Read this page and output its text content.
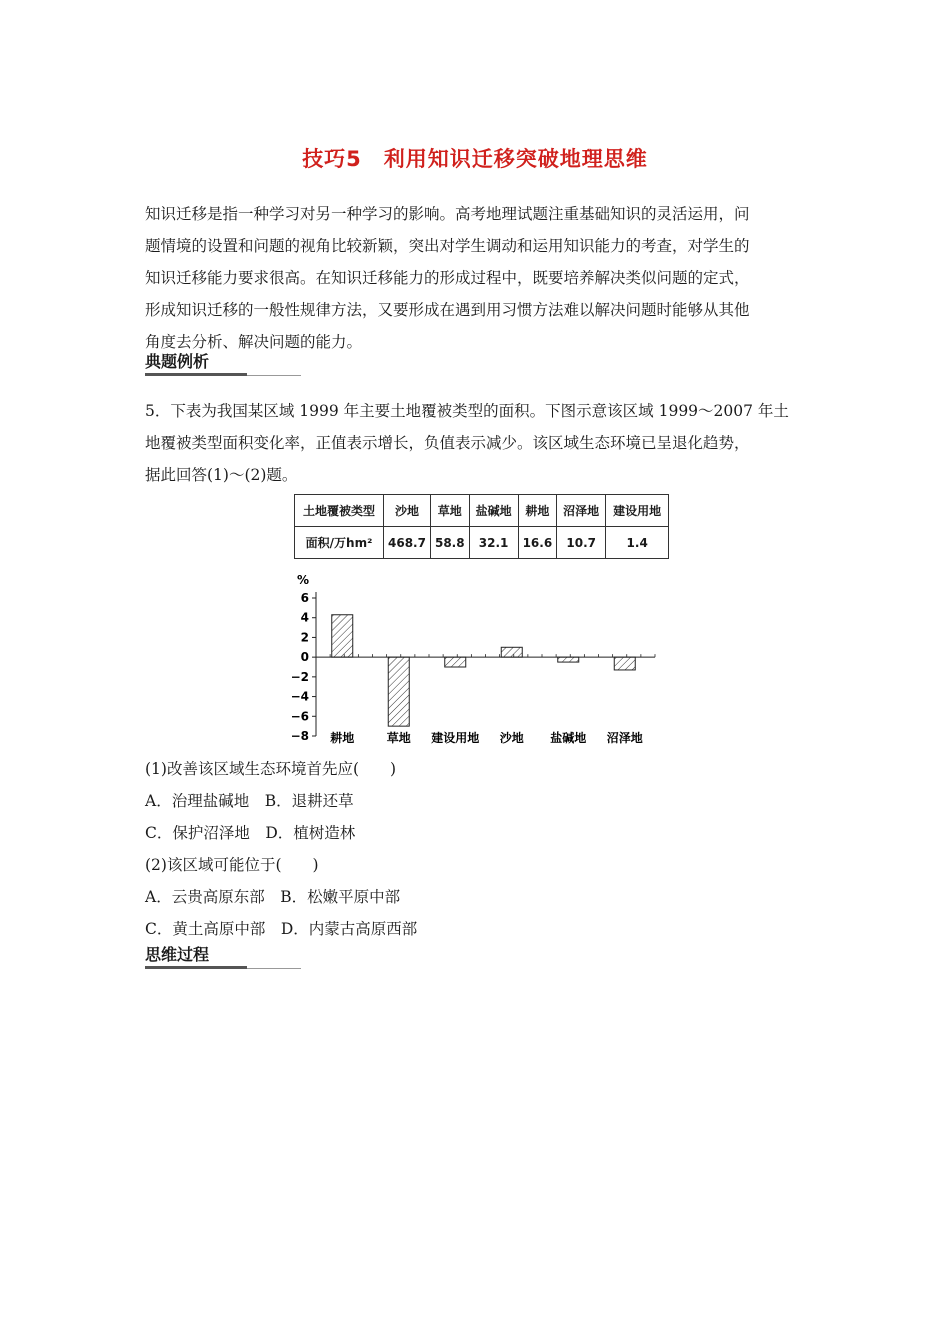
技巧5　利用知识迁移突破地理思维
知识迁移是指一种学习对另一种学习的影响。高考地理试题注重基础知识的灵活运用，问
题情境的设置和问题的视角比较新颖，突出对学生调动和运用知识能力的考查，对学生的
知识迁移能力要求很高。在知识迁移能力的形成过程中，既要培养解决类似问题的定式，
形成知识迁移的一般性规律方法，又要形成在遇到用习惯方法难以解决问题时能够从其他
角度去分析、解决问题的能力。
典题例析
5．下表为我国某区域 1999 年主要土地覆被类型的面积。下图示意该区域 1999～2007 年土
地覆被类型面积变化率，正值表示增长，负值表示减少。该区域生态环境已呈退化趋势，
据此回答(1)～(2)题。
土地覆被类型	沙地	草地	盐碱地	耕地	沼泽地	建设用地
面积/万hm²	468.7	58.8	32.1	16.6	10.7	1.4
%
6
4
2
0
−2
−4
−6
−8 耕地	草地 建设用地 沙地 盐碱地 沼泽地
(1)改善该区域生态环境首先应(　　)
A．治理盐碱地　B．退耕还草
C．保护沼泽地　D．植树造林
(2)该区域可能位于(　　)
A．云贵高原东部　B．松嫩平原中部
C．黄土高原中部　D．内蒙古高原西部
思维过程
